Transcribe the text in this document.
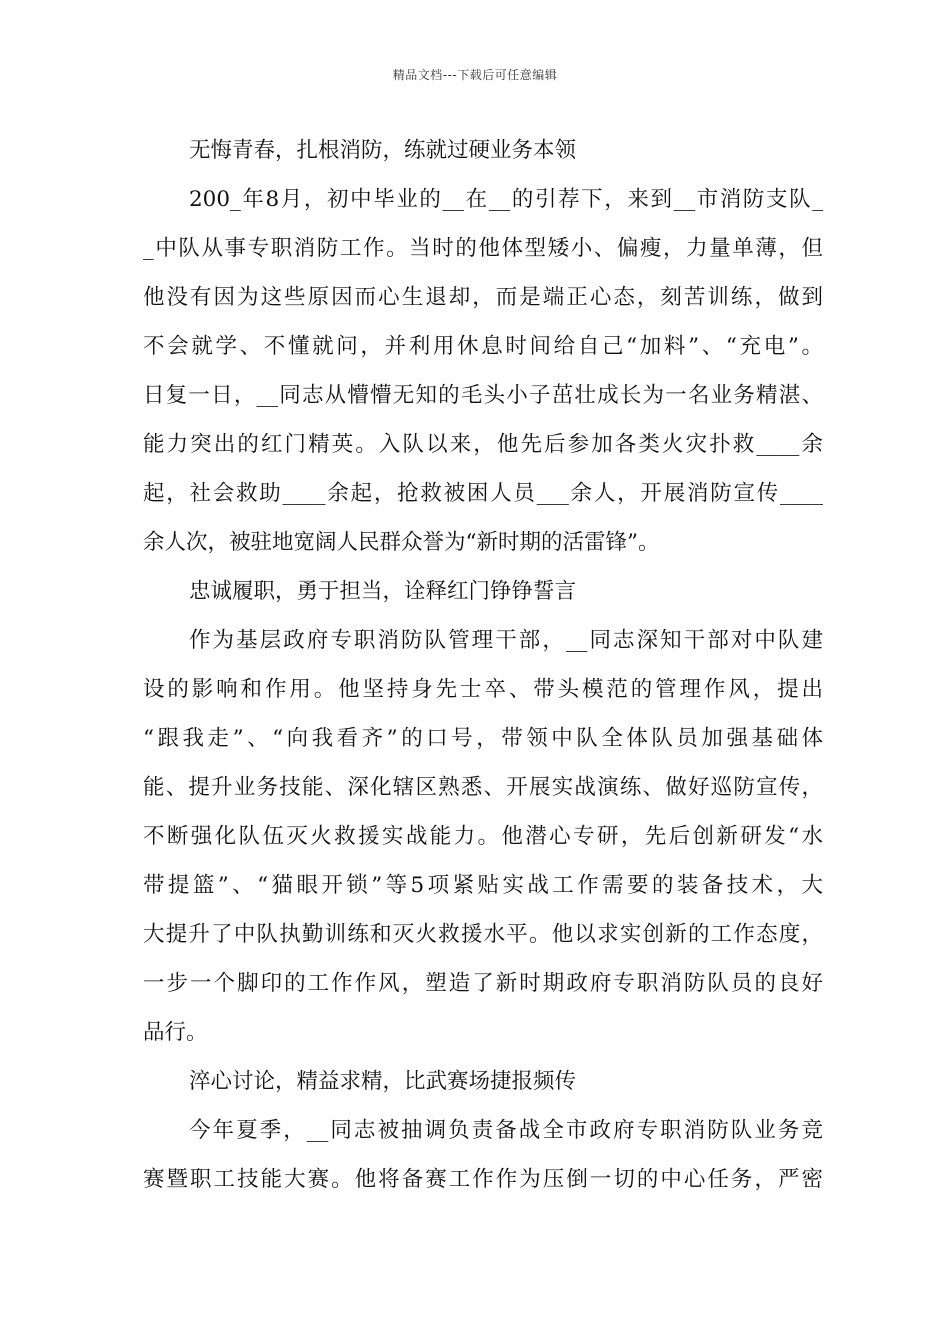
精品文档---下载后可任意编辑
无悔青春，扎根消防，练就过硬业务本领
200_年8月，初中毕业的__在__的引荐下，来到__市消防支队_
_中队从事专职消防工作。当时的他体型矮小、偏瘦，力量单薄，但
他没有因为这些原因而心生退却，而是端正心态，刻苦训练，做到
不会就学、不懂就问，并利用休息时间给自己“加料”、“充电”。
日复一日，__同志从懵懵无知的毛头小子茁壮成长为一名业务精湛、
能力突出的红门精英。入队以来，他先后参加各类火灾扑救____余
起，社会救助____余起，抢救被困人员___余人，开展消防宣传____
余人次，被驻地宽阔人民群众誉为“新时期的活雷锋”。
忠诚履职，勇于担当，诠释红门铮铮誓言
作为基层政府专职消防队管理干部，__同志深知干部对中队建
设的影响和作用。他坚持身先士卒、带头模范的管理作风，提出
“跟我走”、“向我看齐”的口号，带领中队全体队员加强基础体
能、提升业务技能、深化辖区熟悉、开展实战演练、做好巡防宣传，
不断强化队伍灭火救援实战能力。他潜心专研，先后创新研发“水
带提篮”、“猫眼开锁”等5项紧贴实战工作需要的装备技术，大
大提升了中队执勤训练和灭火救援水平。他以求实创新的工作态度，
一步一个脚印的工作作风，塑造了新时期政府专职消防队员的良好
品行。
淬心讨论，精益求精，比武赛场捷报频传
今年夏季，__同志被抽调负责备战全市政府专职消防队业务竞
赛暨职工技能大赛。他将备赛工作作为压倒一切的中心任务，严密
